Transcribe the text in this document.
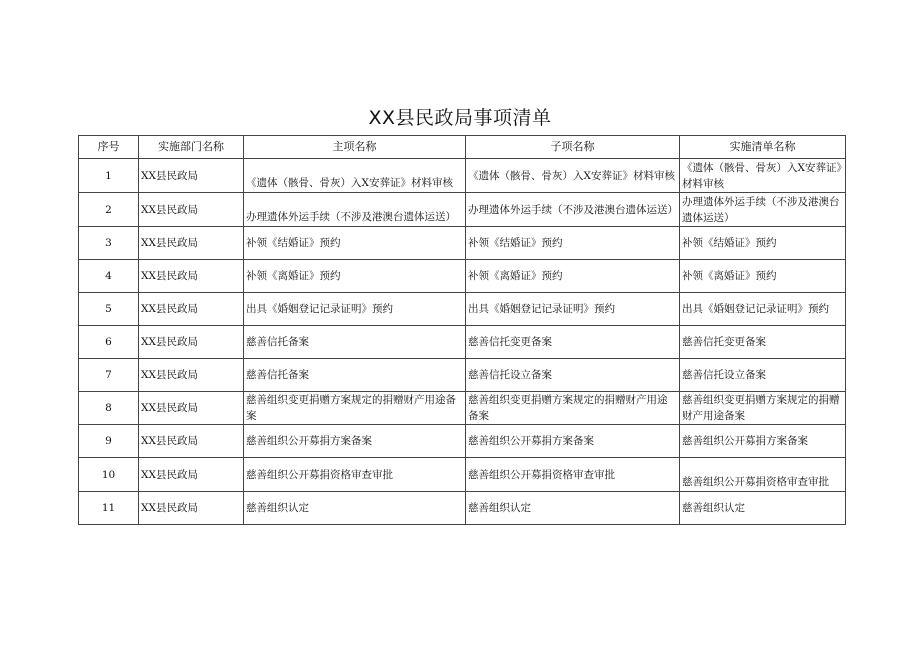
XX县民政局事项清单
序号	实施部门名称	主项名称	子项名称	实施清单名称
1	XX县民政局	《遗体（骸骨、骨灰）入X安葬证》材料审核	《遗体（骸骨、骨灰）入X安葬证》材料审核	《遗体（骸骨、骨灰）入X安葬证》材料审核
2	XX县民政局	办理遗体外运手续（不涉及港澳台遗体运送）	办理遗体外运手续（不涉及港澳台遗体运送）	办理遗体外运手续（不涉及港澳台遗体运送）
3	XX县民政局	补领《结婚证》预约	补领《结婚证》预约	补领《结婚证》预约
4	XX县民政局	补领《离婚证》预约	补领《离婚证》预约	补领《离婚证》预约
5	XX县民政局	出具《婚姻登记记录证明》预约	出具《婚姻登记记录证明》预约	出具《婚姻登记记录证明》预约
6	XX县民政局	慈善信托备案	慈善信托变更备案	慈善信托变更备案
7	XX县民政局	慈善信托备案	慈善信托设立备案	慈善信托设立备案
8	XX县民政局	慈善组织变更捐赠方案规定的捐赠财产用途备案	慈善组织变更捐赠方案规定的捐赠财产用途备案	慈善组织变更捐赠方案规定的捐赠财产用途备案
9	XX县民政局	慈善组织公开募捐方案备案	慈善组织公开募捐方案备案	慈善组织公开募捐方案备案
10	XX县民政局	慈善组织公开募捐资格审查审批	慈善组织公开募捐资格审查审批	慈善组织公开募捐资格审查审批
11	XX县民政局	慈善组织认定	慈善组织认定	慈善组织认定
